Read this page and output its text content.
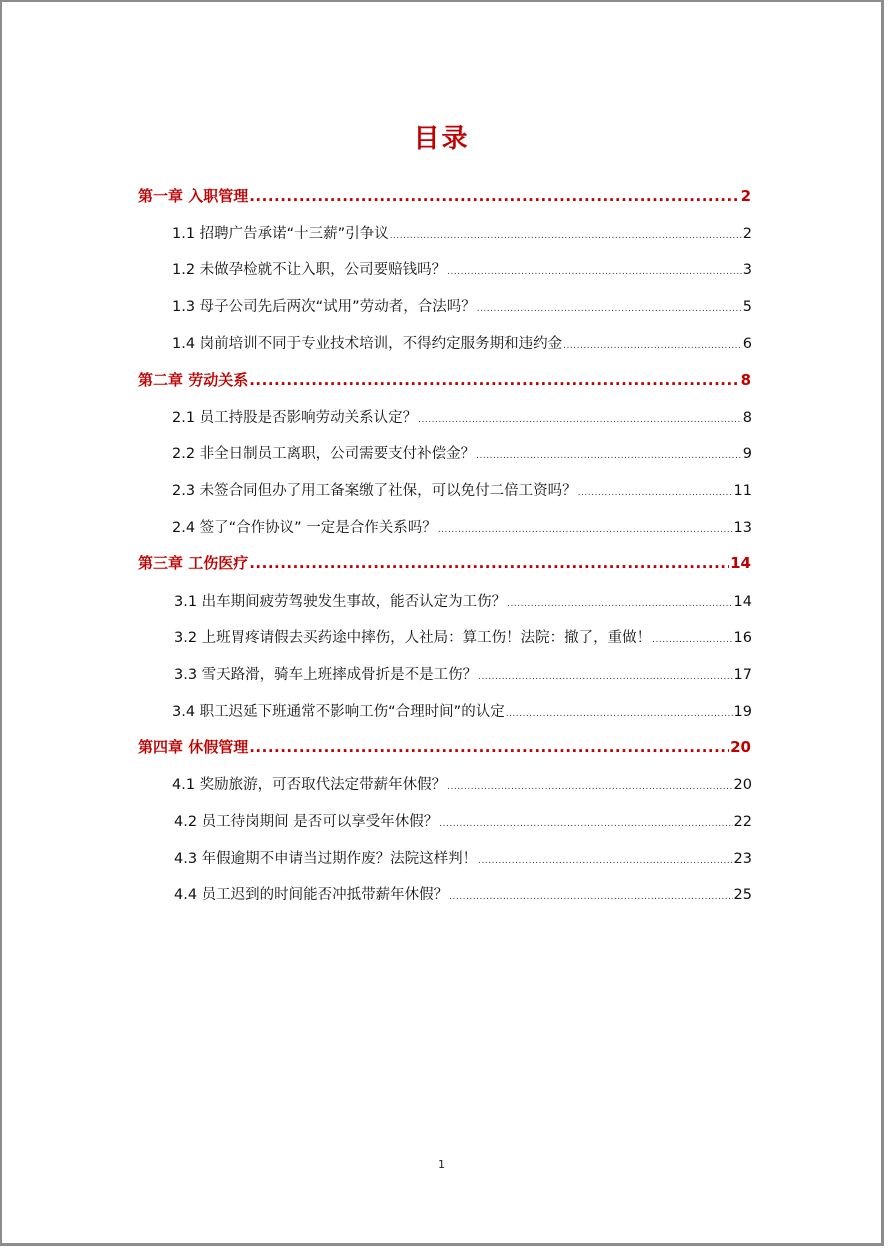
目录
第一章 入职管理 .....	2
1.1 招聘广告承诺“十三薪”引争议 .....	2
1.2 未做孕检就不让入职，公司要赔钱吗？ .....	3
1.3 母子公司先后两次“试用”劳动者，合法吗？ .....	5
1.4 岗前培训不同于专业技术培训，不得约定服务期和违约金 .....	6
第二章 劳动关系 .....	8
2.1 员工持股是否影响劳动关系认定？ .....	8
2.2 非全日制员工离职，公司需要支付补偿金？ .....	9
2.3 未签合同但办了用工备案缴了社保，可以免付二倍工资吗？ .....	11
2.4 签了“合作协议” 一定是合作关系吗？ .....	13
第三章 工伤医疗 .....	14
3.1 出车期间疲劳驾驶发生事故，能否认定为工伤？ .....	14
3.2 上班胃疼请假去买药途中摔伤，人社局：算工伤！法院：撤了，重做！ .....	16
3.3 雪天路滑，骑车上班摔成骨折是不是工伤？ .....	17
3.4 职工迟延下班通常不影响工伤“合理时间”的认定 .....	19
第四章 休假管理 .....	20
4.1 奖励旅游，可否取代法定带薪年休假？ .....	20
4.2 员工待岗期间 是否可以享受年休假？ .....	22
4.3 年假逾期不申请当过期作废？法院这样判！ .....	23
4.4 员工迟到的时间能否冲抵带薪年休假？ .....	25
1
